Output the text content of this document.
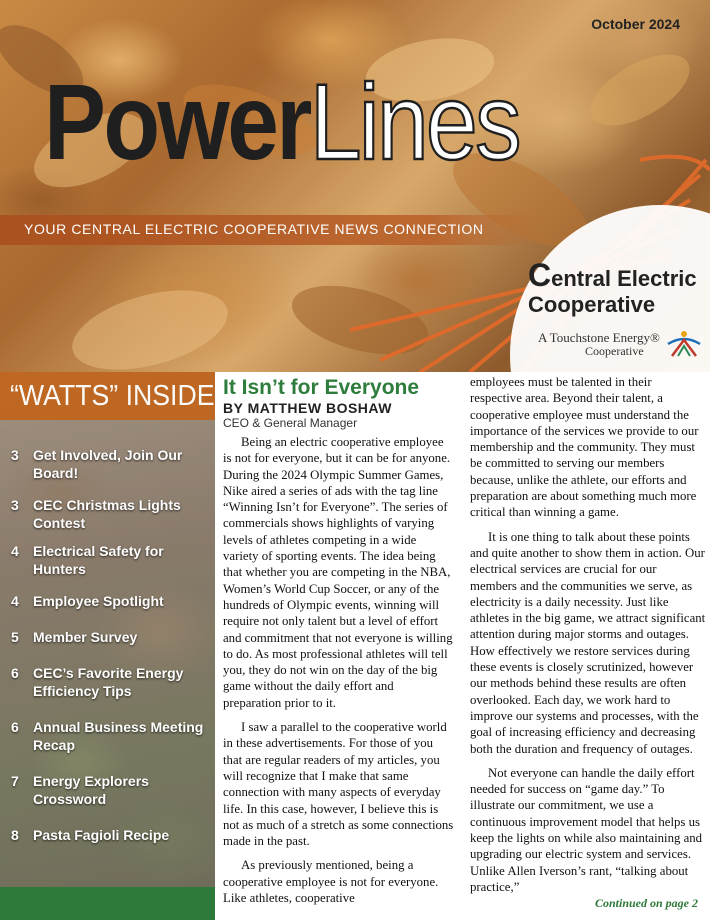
October 2024
PowerLines
YOUR CENTRAL ELECTRIC COOPERATIVE NEWS CONNECTION
Central Electric
Cooperative
A Touchstone Energy®
Cooperative
“WATTS” INSIDE
3 Get Involved, Join Our Board!
3 CEC Christmas Lights Contest
4 Electrical Safety for Hunters
4 Employee Spotlight
5 Member Survey
6 CEC’s Favorite Energy Efficiency Tips
6 Annual Business Meeting Recap
7 Energy Explorers Crossword
8 Pasta Fagioli Recipe
It Isn’t for Everyone
BY MATTHEW BOSHAW
CEO & General Manager

Being an electric cooperative employee is not for everyone, but it can be for anyone. During the 2024 Olympic Summer Games, Nike aired a series of ads with the tag line “Winning Isn’t for Everyone”. The series of commercials shows highlights of varying levels of athletes competing in a wide variety of sporting events. The idea being that whether you are competing in the NBA, Women’s World Cup Soccer, or any of the hundreds of Olympic events, winning will require not only talent but a level of effort and commitment that not everyone is willing to do. As most professional athletes will tell you, they do not win on the day of the big game without the daily effort and preparation prior to it.

I saw a parallel to the cooperative world in these advertisements. For those of you that are regular readers of my articles, you will recognize that I make that same connection with many aspects of everyday life. In this case, however, I believe this is not as much of a stretch as some connections made in the past.

As previously mentioned, being a cooperative employee is not for everyone. Like athletes, cooperative

employees must be talented in their respective area. Beyond their talent, a cooperative employee must understand the importance of the services we provide to our membership and the community. They must be committed to serving our members because, unlike the athlete, our efforts and preparation are about something much more critical than winning a game.

It is one thing to talk about these points and quite another to show them in action. Our electrical services are crucial for our members and the communities we serve, as electricity is a daily necessity. Just like athletes in the big game, we attract significant attention during major storms and outages. How effectively we restore services during these events is closely scrutinized, however our methods behind these results are often overlooked. Each day, we work hard to improve our systems and processes, with the goal of increasing efficiency and decreasing both the duration and frequency of outages.

Not everyone can handle the daily effort needed for success on “game day.” To illustrate our commitment, we use a continuous improvement model that helps us keep the lights on while also maintaining and upgrading our electric system and services. Unlike Allen Iverson’s rant, “talking about practice,”

Continued on page 2
